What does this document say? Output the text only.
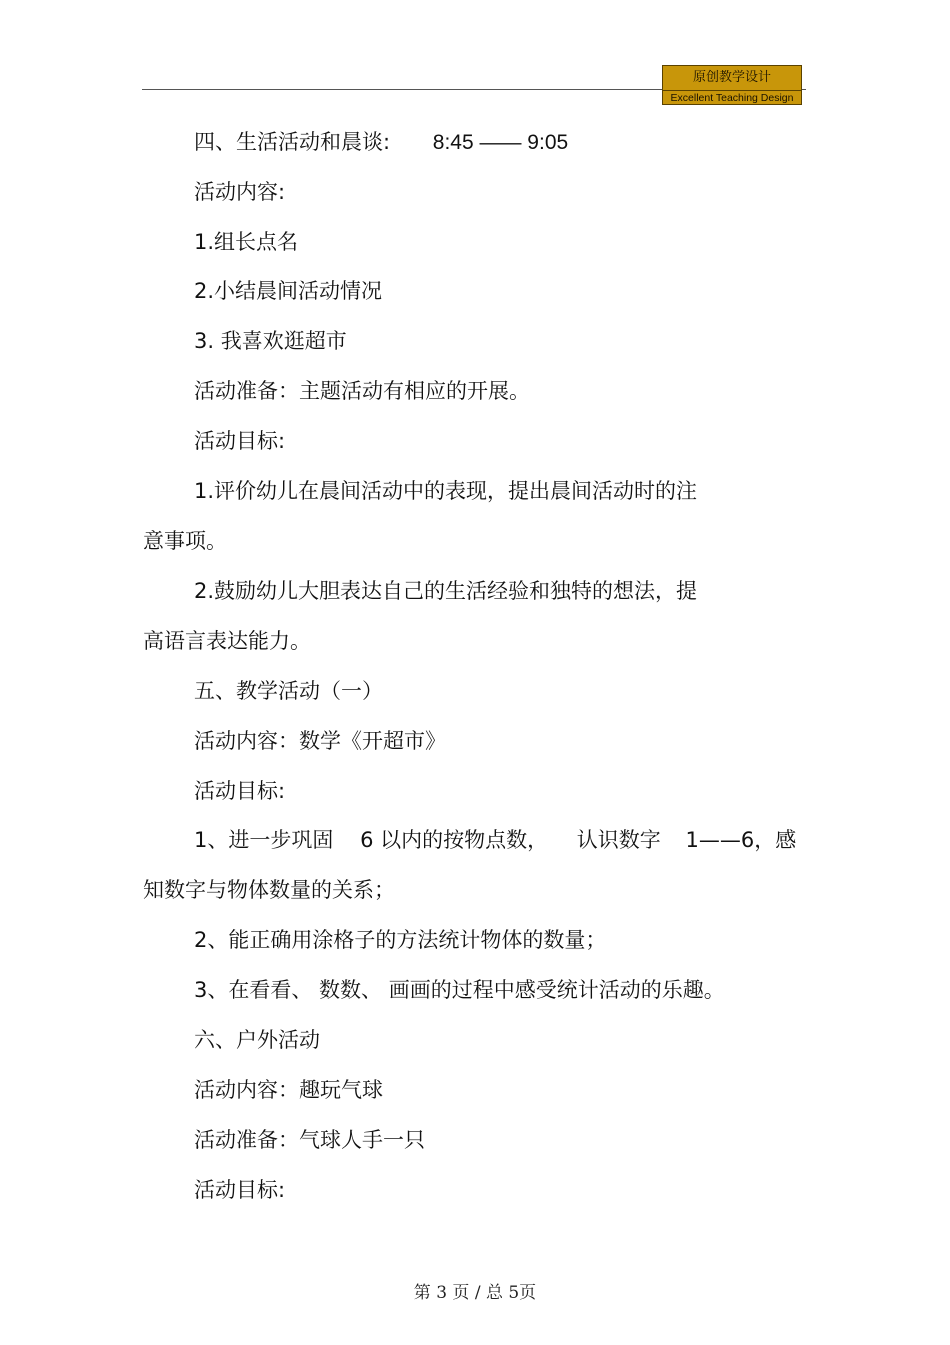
原创教学设计
Excellent Teaching Design
四、生活活动和晨谈: 8:45 —— 9:05
活动内容:
1.组长点名
2.小结晨间活动情况
3. 我喜欢逛超市
活动准备：主题活动有相应的开展。
活动目标:
1.评价幼儿在晨间活动中的表现，提出晨间活动时的注
意事项。
2.鼓励幼儿大胆表达自己的生活经验和独特的想法，提
高语言表达能力。
五、教学活动（一）
活动内容：数学《开超市》
活动目标:
1、进一步巩固 6 以内的按物点数， 认识数字 1——6，感
知数字与物体数量的关系；
2、能正确用涂格子的方法统计物体的数量；
3、在看看、 数数、 画画的过程中感受统计活动的乐趣。
六、户外活动
活动内容：趣玩气球
活动准备：气球人手一只
活动目标:
第 3 页 / 总 5页
